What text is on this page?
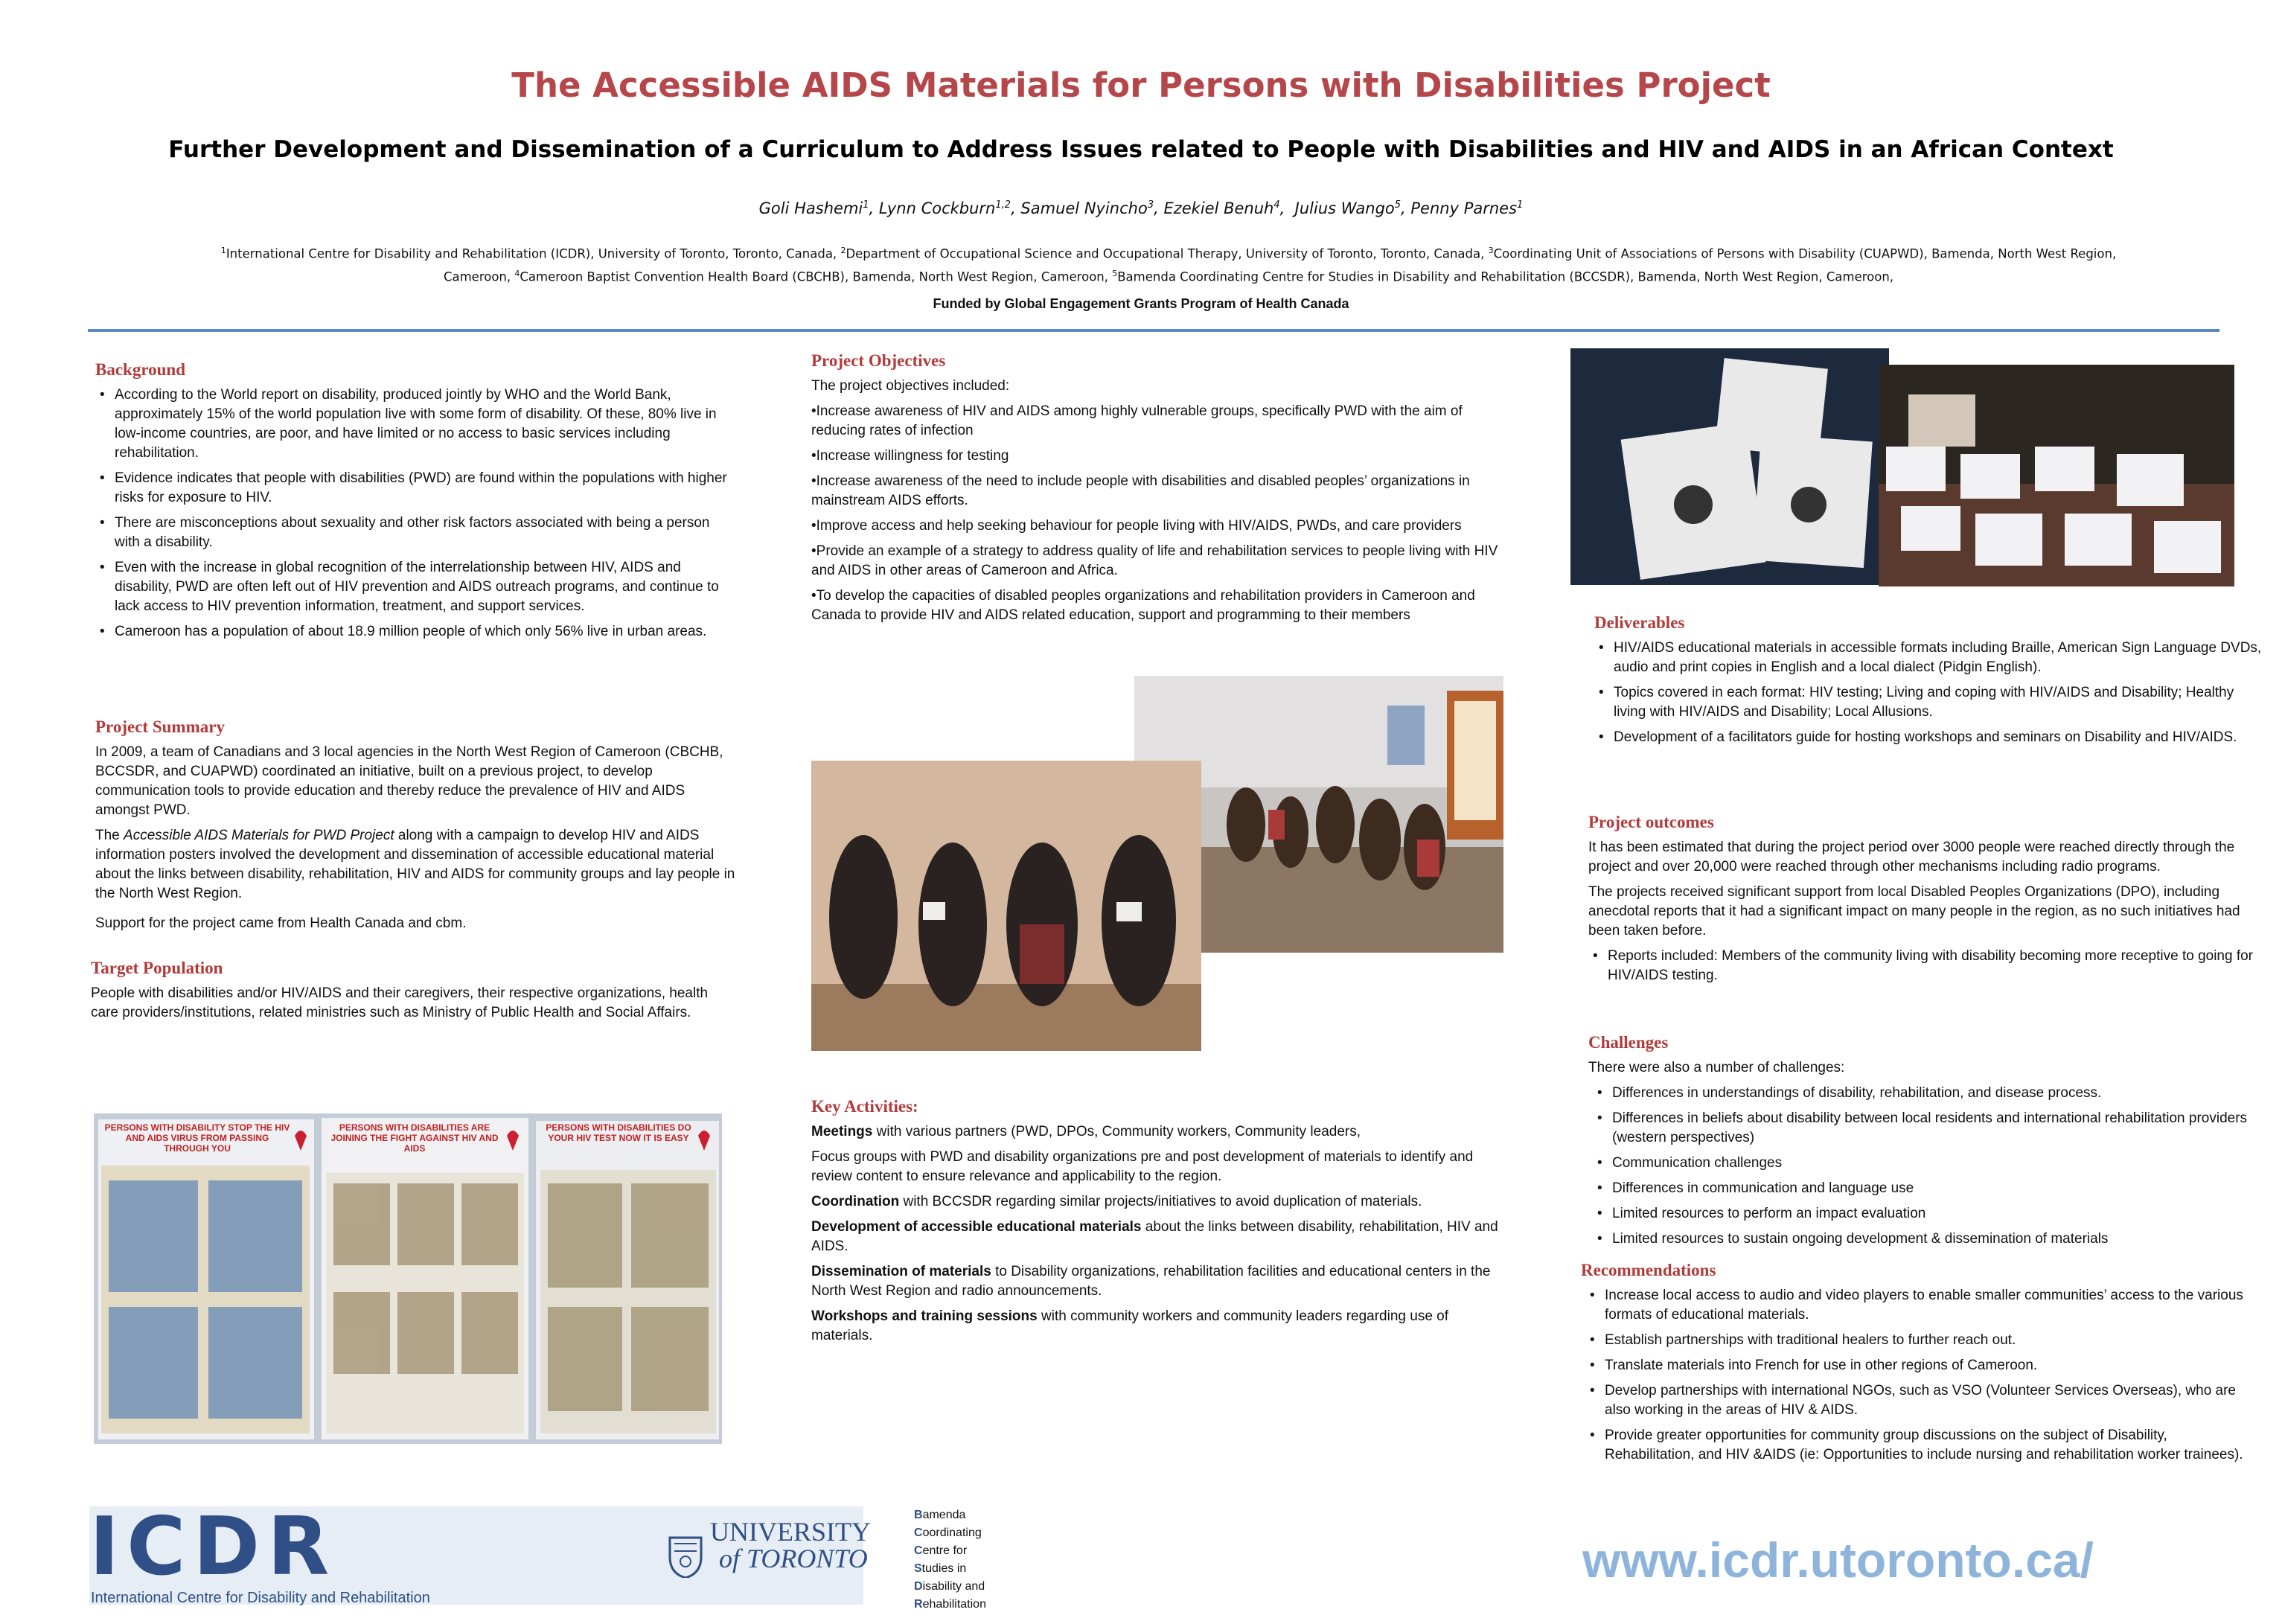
The Accessible AIDS Materials for Persons with Disabilities Project
Further Development and Dissemination of a Curriculum to Address Issues related to People with Disabilities and HIV and AIDS in an African Context
Goli Hashemi$^1$, Lynn Cockburn$^{1,2}$, Samuel Nyincho$^3$, Ezekiel Benuh$^4$,  Julius Wango$^5$, Penny Parnes$^1$
$^1$International Centre for Disability and Rehabilitation (ICDR), University of Toronto, Toronto, Canada, $^2$Department of Occupational Science and Occupational Therapy, University of Toronto, Toronto, Canada, $^3$Coordinating Unit of Associations of Persons with Disability (CUAPWD), Bamenda, North West Region, Cameroon, $^4$Cameroon Baptist Convention Health Board (CBCHB), Bamenda, North West Region, Cameroon, $^5$Bamenda Coordinating Centre for Studies in Disability and Rehabilitation (BCCSDR), Bamenda, North West Region, Cameroon,
Funded by Global Engagement Grants Program of Health Canada
Background
• According to the World report on disability, produced jointly by WHO and the World Bank, approximately 15% of the world population live with some form of disability. Of these, 80% live in low-income countries, are poor, and have limited or no access to basic services including rehabilitation.
• Evidence indicates that people with disabilities (PWD) are found within the populations with higher risks for exposure to HIV.
• There are misconceptions about sexuality and other risk factors associated with being a person with a disability.
• Even with the increase in global recognition of the interrelationship between HIV, AIDS and disability, PWD are often left out of HIV prevention and AIDS outreach programs, and continue to lack access to HIV prevention information, treatment, and support services.
• Cameroon has a population of about 18.9 million people of which only 56% live in urban areas.
Project Summary

In 2009, a team of Canadians and 3 local agencies in the North West Region of Cameroon (CBCHB, BCCSDR, and CUAPWD) coordinated an initiative, built on a previous project, to develop communication tools to provide education and thereby reduce the prevalence of HIV and AIDS amongst PWD.

The Accessible AIDS Materials for PWD Project along with a campaign to develop HIV and AIDS information posters involved the development and dissemination of accessible educational material about the links between disability, rehabilitation, HIV and AIDS for community groups and lay people in the North West Region.

Support for the project came from Health Canada and cbm.

Target Population
People with disabilities and/or HIV/AIDS and their caregivers, their respective organizations, health care providers/institutions, related ministries such as Ministry of Public Health and Social Affairs.
PERSONS WITH DISABILITY STOP THE HIV AND AIDS VIRUS FROM PASSING THROUGH YOU
PERSONS WITH DISABILITIES ARE JOINING THE FIGHT AGAINST HIV AND AIDS
PERSONS WITH DISABILITIES DO YOUR HIV TEST NOW IT IS EASY
Project Objectives

The project objectives included:

•Increase awareness of HIV and AIDS among highly vulnerable groups, specifically PWD with the aim of reducing rates of infection

•Increase willingness for testing

•Increase awareness of the need to include people with disabilities and disabled peoples’ organizations in mainstream AIDS efforts.

•Improve access and help seeking behaviour for people living with HIV/AIDS, PWDs, and care providers

•Provide an example of a strategy to address quality of life and rehabilitation services to people living with HIV and AIDS in other areas of Cameroon and Africa.

•To develop the capacities of disabled peoples organizations and rehabilitation providers in Cameroon and Canada to provide HIV and AIDS related education, support and programming to their members

Key Activities:

Meetings with various partners (PWD, DPOs, Community workers, Community leaders,

Focus groups with PWD and disability organizations pre and post development of materials to identify and review content to ensure relevance and applicability to the region.

Coordination with BCCSDR regarding similar projects/initiatives to avoid duplication of materials.

Development of accessible educational materials about the links between disability, rehabilitation, HIV and AIDS.

Dissemination of materials to Disability organizations, rehabilitation facilities and educational centers in the North West Region and radio announcements.

Workshops and training sessions with community workers and community leaders regarding use of materials.

Deliverables
• HIV/AIDS educational materials in accessible formats including Braille, American Sign Language DVDs, audio and print copies in English and a local dialect (Pidgin English).
• Topics covered in each format: HIV testing; Living and coping with HIV/AIDS and Disability; Healthy living with HIV/AIDS and Disability; Local Allusions.
• Development of a facilitators guide for hosting workshops and seminars on Disability and HIV/AIDS.
Project outcomes

It has been estimated that during the project period over 3000 people were reached directly through the project and over 20,000 were reached through other mechanisms including radio programs.

The projects received significant support from local Disabled Peoples Organizations (DPO), including anecdotal reports that it had a significant impact on many people in the region, as no such initiatives had been taken before.

• Reports included: Members of the community living with disability becoming more receptive to going for HIV/AIDS testing.
Challenges

There were also a number of challenges:

• Differences in understandings of disability, rehabilitation, and disease process.
• Differences in beliefs about disability between local residents and international rehabilitation providers (western perspectives)
• Communication challenges
• Differences in communication and language use
• Limited resources to perform an impact evaluation
• Limited resources to sustain ongoing development & dissemination of materials
Recommendations
• Increase local access to audio and video players to enable smaller communities’ access to the various formats of educational materials.
• Establish partnerships with traditional healers to further reach out.
• Translate materials into French for use in other regions of Cameroon.
• Develop partnerships with international NGOs, such as VSO (Volunteer Services Overseas), who are also working in the areas of HIV & AIDS.
• Provide greater opportunities for community group discussions on the subject of Disability, Rehabilitation, and HIV &AIDS (ie: Opportunities to include nursing and rehabilitation worker trainees).
ICDR
International Centre for Disability and Rehabilitation
UNIVERSITY
of TORONTO
Bamenda
Coordinating
Centre for
Studies in
Disability and
Rehabilitation
www.icdr.utoronto.ca/
